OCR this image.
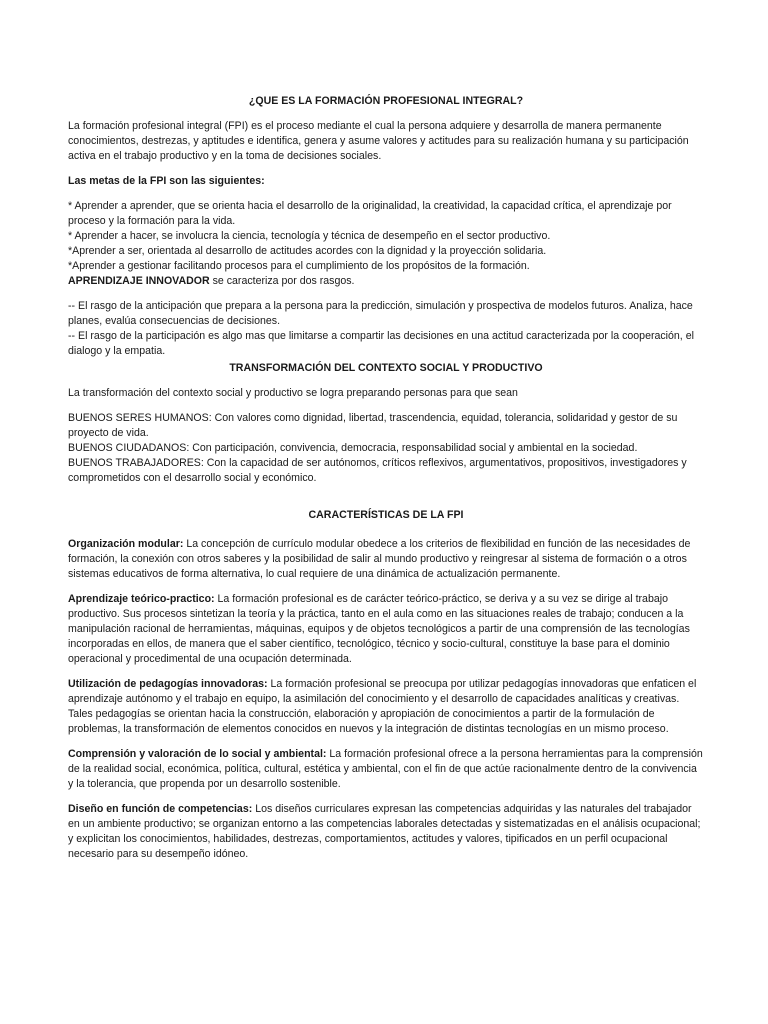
¿QUE ES LA FORMACIÓN PROFESIONAL INTEGRAL?

La formación profesional integral (FPI) es el proceso mediante el cual la persona adquiere y desarrolla de manera permanente conocimientos, destrezas, y aptitudes e identifica, genera y asume valores y actitudes para su realización humana y su participación activa en el trabajo productivo y en la toma de decisiones sociales.

Las metas de la FPI son las siguientes:

* Aprender a aprender, que se orienta hacia el desarrollo de la originalidad, la creatividad, la capacidad crítica, el aprendizaje por proceso y la formación para la vida.

* Aprender a hacer, se involucra la ciencia, tecnología y técnica de desempeño en el sector productivo.

*Aprender a ser, orientada al desarrollo de actitudes acordes con la dignidad y la proyección solidaria.

*Aprender a gestionar facilitando procesos para el cumplimiento de los propósitos de la formación.

APRENDIZAJE INNOVADOR se caracteriza por dos rasgos.

-- El rasgo de la anticipación que prepara a la persona para la predicción, simulación y prospectiva de modelos futuros. Analiza, hace planes, evalúa consecuencias de decisiones.

-- El rasgo de la participación es algo mas que limitarse a compartir las decisiones en una actitud caracterizada por la cooperación, el dialogo y la empatia.

TRANSFORMACIÓN DEL CONTEXTO SOCIAL Y PRODUCTIVO

La transformación del contexto social y productivo se logra preparando personas para que sean

BUENOS SERES HUMANOS: Con valores como dignidad, libertad, trascendencia, equidad, tolerancia, solidaridad y gestor de su proyecto de vida.

BUENOS CIUDADANOS: Con participación, convivencia, democracia, responsabilidad social y ambiental en la sociedad.

BUENOS TRABAJADORES: Con la capacidad de ser autónomos, críticos reflexivos, argumentativos, propositivos, investigadores y comprometidos con el desarrollo social y económico.

CARACTERÍSTICAS DE LA FPI

Organización modular: La concepción de currículo modular obedece a los criterios de flexibilidad en función de las necesidades de formación, la conexión con otros saberes y la posibilidad de salir al mundo productivo y reingresar al sistema de formación o a otros sistemas educativos de forma alternativa, lo cual requiere de una dinámica de actualización permanente.

Aprendizaje teórico-practico: La formación profesional es de carácter teórico-práctico, se deriva y a su vez se dirige al trabajo productivo. Sus procesos sintetizan la teoría y la práctica, tanto en el aula como en las situaciones reales de trabajo; conducen a la manipulación racional de herramientas, máquinas, equipos y de objetos tecnológicos a partir de una comprensión de las tecnologías incorporadas en ellos, de manera que el saber científico, tecnológico, técnico y socio-cultural, constituye la base para el dominio operacional y procedimental de una ocupación determinada.

Utilización de pedagogías innovadoras: La formación profesional se preocupa por utilizar pedagogías innovadoras que enfaticen el aprendizaje autónomo y el trabajo en equipo, la asimilación del conocimiento y el desarrollo de capacidades analíticas y creativas. Tales pedagogías se orientan hacia la construcción, elaboración y apropiación de conocimientos a partir de la formulación de problemas, la transformación de elementos conocidos en nuevos y la integración de distintas tecnologías en un mismo proceso.

Comprensión y valoración de lo social y ambiental: La formación profesional ofrece a la persona herramientas para la comprensión de la realidad social, económica, política, cultural, estética y ambiental, con el fin de que actúe racionalmente dentro de la convivencia y la tolerancia, que propenda por un desarrollo sostenible.

Diseño en función de competencias: Los diseños curriculares expresan las competencias adquiridas y las naturales del trabajador en un ambiente productivo; se organizan entorno a las competencias laborales detectadas y sistematizadas en el análisis ocupacional; y explicitan los conocimientos, habilidades, destrezas, comportamientos, actitudes y valores, tipificados en un perfil ocupacional necesario para su desempeño idóneo.
